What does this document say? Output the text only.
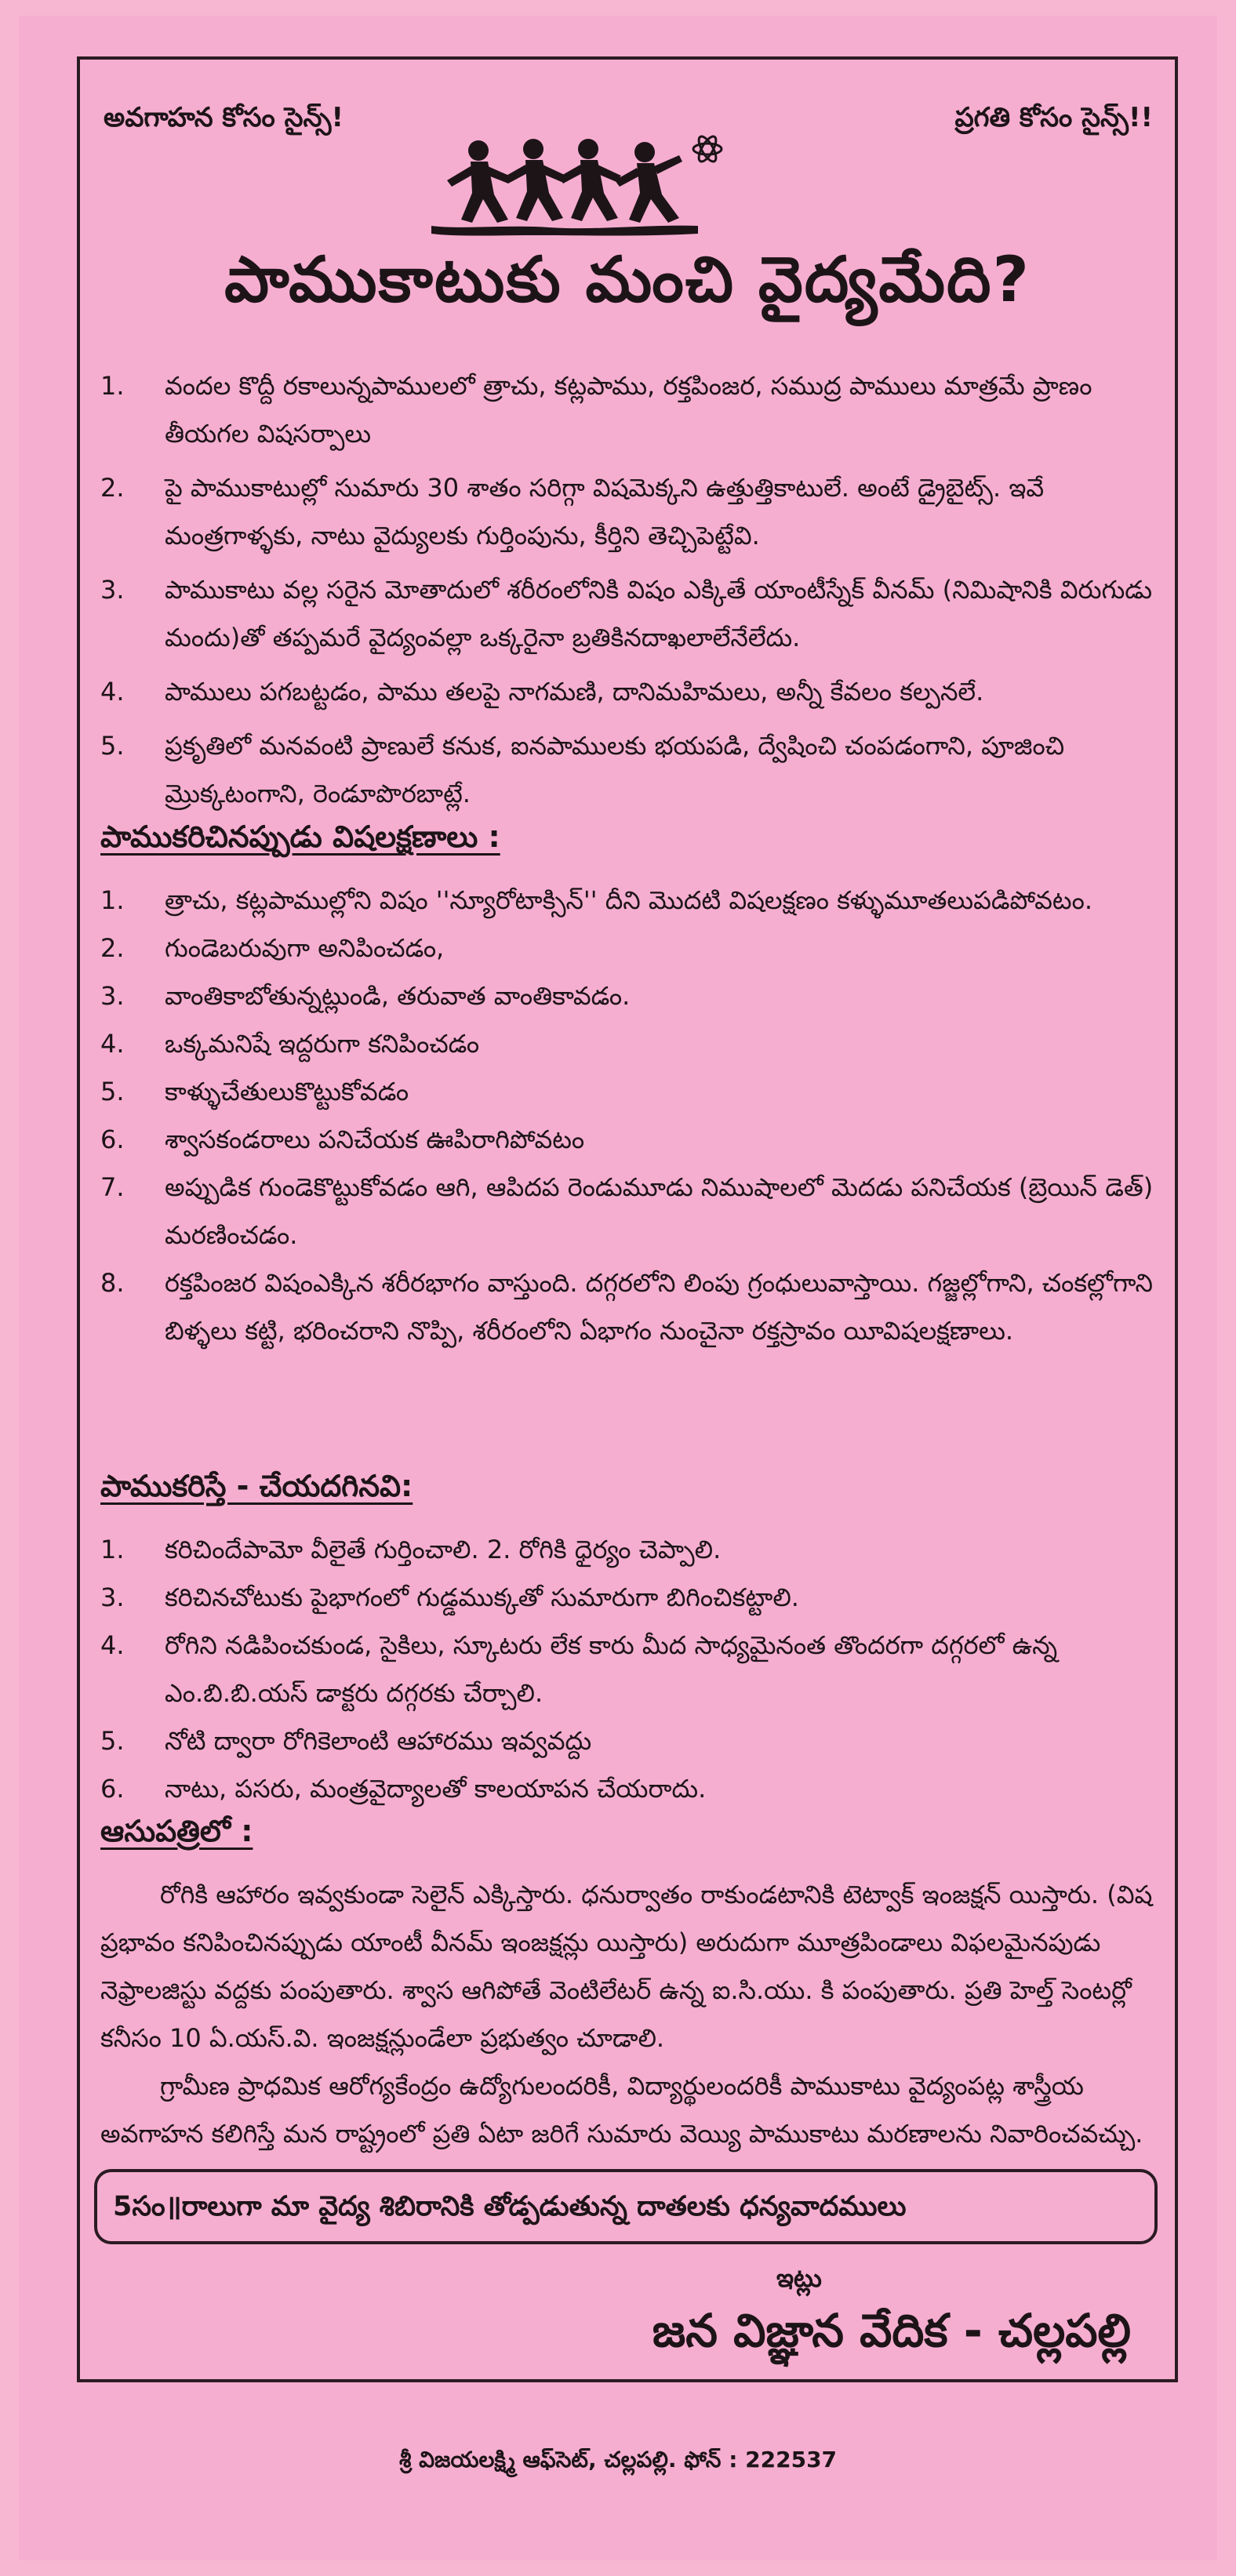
అవగాహన కోసం సైన్స్!	ప్రగతి కోసం సైన్స్!!
పాముకాటుకు మంచి వైద్యమేది?
1.	వందల కొద్దీ రకాలున్నపాములలో త్రాచు, కట్లపాము, రక్తపింజర, సముద్ర పాములు మాత్రమే ప్రాణం తీయగల విషసర్పాలు
2.	పై పాముకాటుల్లో సుమారు 30 శాతం సరిగ్గా విషమెక్కని ఉత్తుత్తికాటులే. అంటే డ్రైబైట్స్. ఇవే మంత్రగాళ్ళకు, నాటు వైద్యులకు గుర్తింపును, కీర్తిని తెచ్చిపెట్టేవి.
3.	పాముకాటు వల్ల సరైన మోతాదులో శరీరంలోనికి విషం ఎక్కితే యాంటీస్నేక్ వీనమ్ (నిమిషానికి విరుగుడు మందు)తో తప్పమరే వైద్యంవల్లా ఒక్కరైనా బ్రతికినదాఖలాలేనేలేదు.
4.	పాములు పగబట్టడం, పాము తలపై నాగమణి, దానిమహిమలు, అన్నీ కేవలం కల్పనలే.
5.	ప్రకృతిలో మనవంటి ప్రాణులే కనుక, ఐనపాములకు భయపడి, ద్వేషించి చంపడంగాని, పూజించి మ్రొక్కటంగాని, రెండూపొరబాట్లే.
పాముకరిచినప్పుడు విషలక్షణాలు :
1.	త్రాచు, కట్లపాముల్లోని విషం ''న్యూరోటాక్సిన్'' దీని మొదటి విషలక్షణం కళ్ళుమూతలుపడిపోవటం.
2.	గుండెబరువుగా అనిపించడం,
3.	వాంతికాబోతున్నట్లుండి, తరువాత వాంతికావడం.
4.	ఒక్కమనిషే ఇద్దరుగా కనిపించడం
5.	కాళ్ళుచేతులుకొట్టుకోవడం
6.	శ్వాసకండరాలు పనిచేయక ఊపిరాగిపోవటం
7.	అప్పుడిక గుండెకొట్టుకోవడం ఆగి, ఆపిదప రెండుమూడు నిముషాలలో మెదడు పనిచేయక (బ్రెయిన్ డెత్) మరణించడం.
8.	రక్తపింజర విషంఎక్కిన శరీరభాగం వాస్తుంది. దగ్గరలోని లింపు గ్రంధులువాస్తాయి. గజ్జల్లోగాని, చంకల్లోగాని బిళ్ళలు కట్టి, భరించరాని నొప్పి, శరీరంలోని ఏభాగం నుంచైనా రక్తస్రావం యీవిషలక్షణాలు.
పాముకరిస్తే - చేయదగినవి:
1.	కరిచిందేపామో వీలైతే గుర్తించాలి. 2. రోగికి ధైర్యం చెప్పాలి.
3.	కరిచినచోటుకు పైభాగంలో గుడ్డముక్కతో సుమారుగా బిగించికట్టాలి.
4.	రోగిని నడిపించకుండ, సైకిలు, స్కూటరు లేక కారు మీద సాధ్యమైనంత తొందరగా దగ్గరలో ఉన్న ఎం.బి.బి.యస్ డాక్టరు దగ్గరకు చేర్చాలి.
5.	నోటి ద్వారా రోగికెలాంటి ఆహారము ఇవ్వవద్దు
6.	నాటు, పసరు, మంత్రవైద్యాలతో కాలయాపన చేయరాదు.
ఆసుపత్రిలో :

రోగికి ఆహారం ఇవ్వకుండా సెలైన్ ఎక్కిస్తారు. ధనుర్వాతం రాకుండటానికి టెట్వాక్ ఇంజక్షన్ యిస్తారు. (విష ప్రభావం కనిపించినప్పుడు యాంటీ వీనమ్ ఇంజక్షన్లు యిస్తారు) అరుదుగా మూత్రపిండాలు విఫలమైనపుడు నెఫ్రాలజిస్టు వద్దకు పంపుతారు. శ్వాస ఆగిపోతే వెంటిలేటర్ ఉన్న ఐ.సి.యు. కి పంపుతారు. ప్రతి హెల్త్ సెంటర్లో కనీసం 10 ఏ.యస్.వి. ఇంజక్షన్లుండేలా ప్రభుత్వం చూడాలి.

గ్రామీణ ప్రాధమిక ఆరోగ్యకేంద్రం ఉద్యోగులందరికీ, విద్యార్థులందరికీ పాముకాటు వైద్యంపట్ల శాస్త్రీయ అవగాహన కలిగిస్తే మన రాష్ట్రంలో ప్రతి ఏటా జరిగే సుమారు వెయ్యి పాముకాటు మరణాలను నివారించవచ్చు.

5సం॥రాలుగా మా వైద్య శిబిరానికి తోడ్పడుతున్న దాతలకు ధన్యవాదములు
ఇట్లు
జన విజ్ఞాన వేదిక - చల్లపల్లి
శ్రీ విజయలక్ష్మి ఆఫ్‌సెట్, చల్లపల్లి. ఫోన్ : 222537
